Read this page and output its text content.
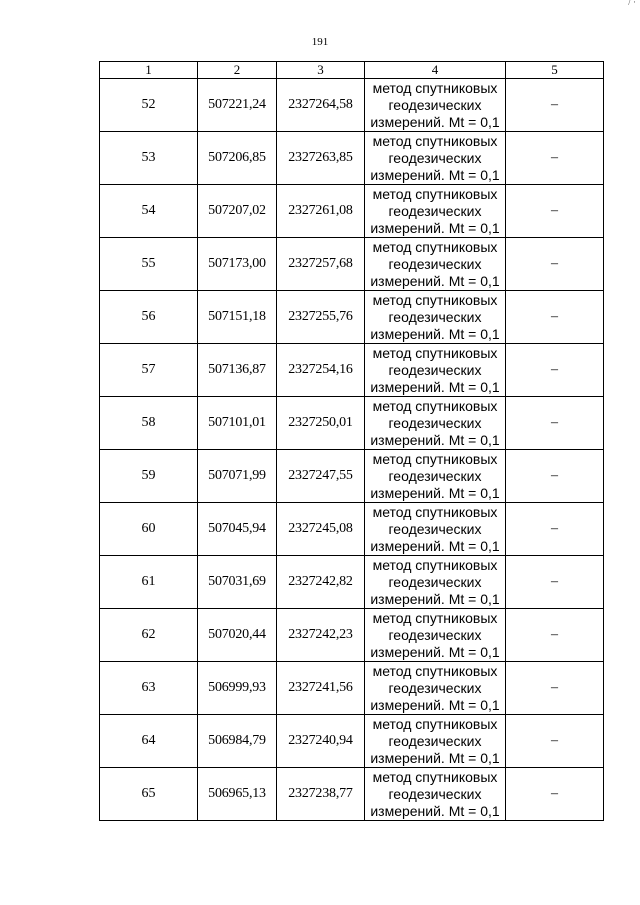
/ ·
191
1	2	3	4	5
52	507221,24	2327264,58	метод спутниковых
геодезических
измерений. Mt = 0,1	–
53	507206,85	2327263,85	метод спутниковых
геодезических
измерений. Mt = 0,1	–
54	507207,02	2327261,08	метод спутниковых
геодезических
измерений. Mt = 0,1	–
55	507173,00	2327257,68	метод спутниковых
геодезических
измерений. Mt = 0,1	–
56	507151,18	2327255,76	метод спутниковых
геодезических
измерений. Mt = 0,1	–
57	507136,87	2327254,16	метод спутниковых
геодезических
измерений. Mt = 0,1	–
58	507101,01	2327250,01	метод спутниковых
геодезических
измерений. Mt = 0,1	–
59	507071,99	2327247,55	метод спутниковых
геодезических
измерений. Mt = 0,1	–
60	507045,94	2327245,08	метод спутниковых
геодезических
измерений. Mt = 0,1	–
61	507031,69	2327242,82	метод спутниковых
геодезических
измерений. Mt = 0,1	–
62	507020,44	2327242,23	метод спутниковых
геодезических
измерений. Mt = 0,1	–
63	506999,93	2327241,56	метод спутниковых
геодезических
измерений. Mt = 0,1	–
64	506984,79	2327240,94	метод спутниковых
геодезических
измерений. Mt = 0,1	–
65	506965,13	2327238,77	метод спутниковых
геодезических
измерений. Mt = 0,1	–
